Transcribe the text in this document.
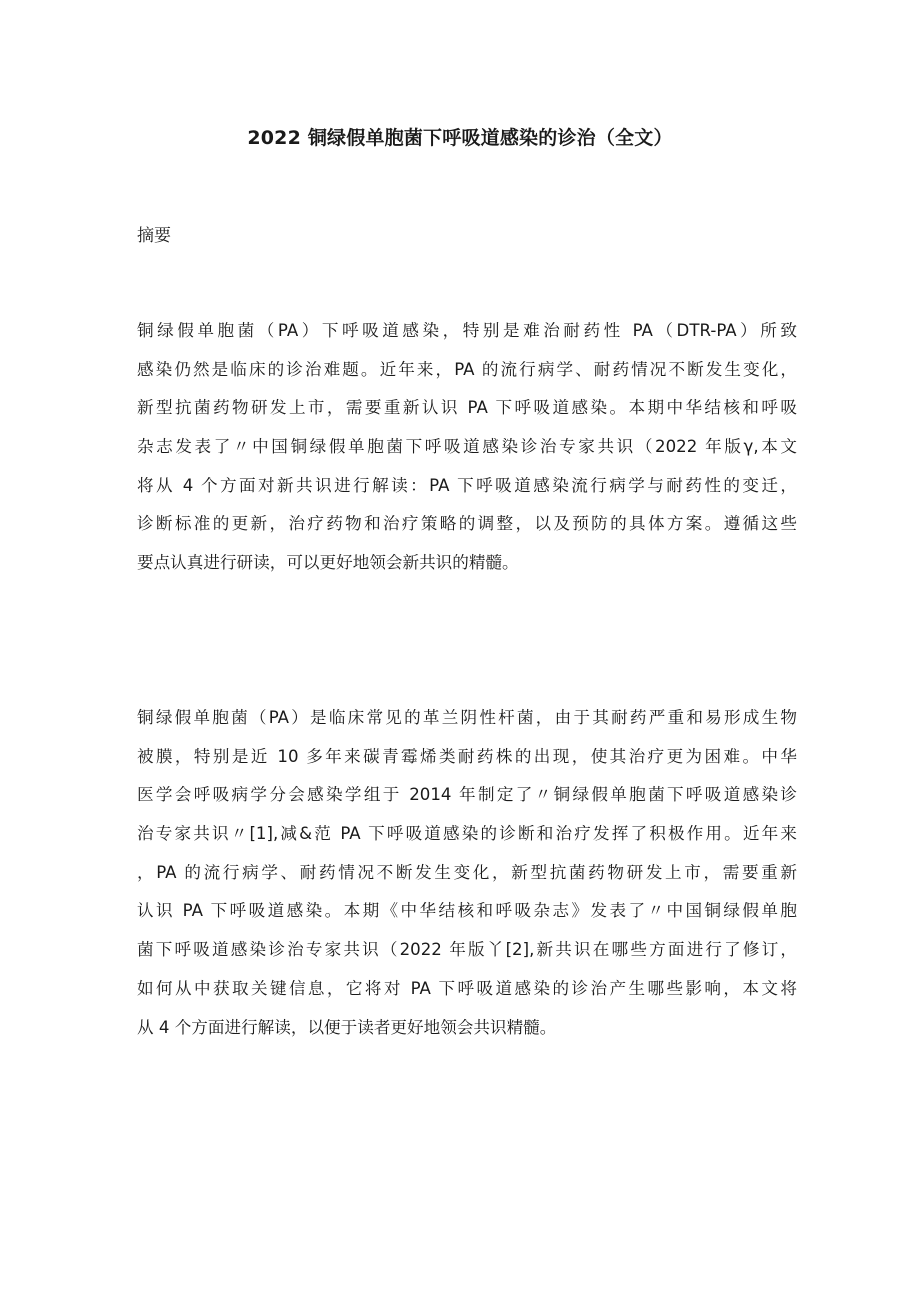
2022 铜绿假单胞菌下呼吸道感染的诊治（全文）
摘要
铜绿假单胞菌（PA）下呼吸道感染，特别是难治耐药性 PA（DTR-PA）所致
感染仍然是临床的诊治难题。近年来，PA 的流行病学、耐药情况不断发生变化，
新型抗菌药物研发上市，需要重新认识 PA 下呼吸道感染。本期中华结核和呼吸
杂志发表了〃中国铜绿假单胞菌下呼吸道感染诊治专家共识（2022 年版γ,本文
将从 4 个方面对新共识进行解读：PA 下呼吸道感染流行病学与耐药性的变迁，
诊断标准的更新，治疗药物和治疗策略的调整，以及预防的具体方案。遵循这些
要点认真进行研读，可以更好地领会新共识的精髓。
铜绿假单胞菌（PA）是临床常见的革兰阴性杆菌，由于其耐药严重和易形成生物
被膜，特别是近 10 多年来碳青霉烯类耐药株的出现，使其治疗更为困难。中华
医学会呼吸病学分会感染学组于 2014 年制定了〃铜绿假单胞菌下呼吸道感染诊
治专家共识〃[1],减&范 PA 下呼吸道感染的诊断和治疗发挥了积极作用。近年来
，PA 的流行病学、耐药情况不断发生变化，新型抗菌药物研发上市，需要重新
认识 PA 下呼吸道感染。本期《中华结核和呼吸杂志》发表了〃中国铜绿假单胞
菌下呼吸道感染诊治专家共识（2022 年版丫[2],新共识在哪些方面进行了修订，
如何从中获取关键信息，它将对 PA 下呼吸道感染的诊治产生哪些影响，本文将
从 4 个方面进行解读，以便于读者更好地领会共识精髓。
